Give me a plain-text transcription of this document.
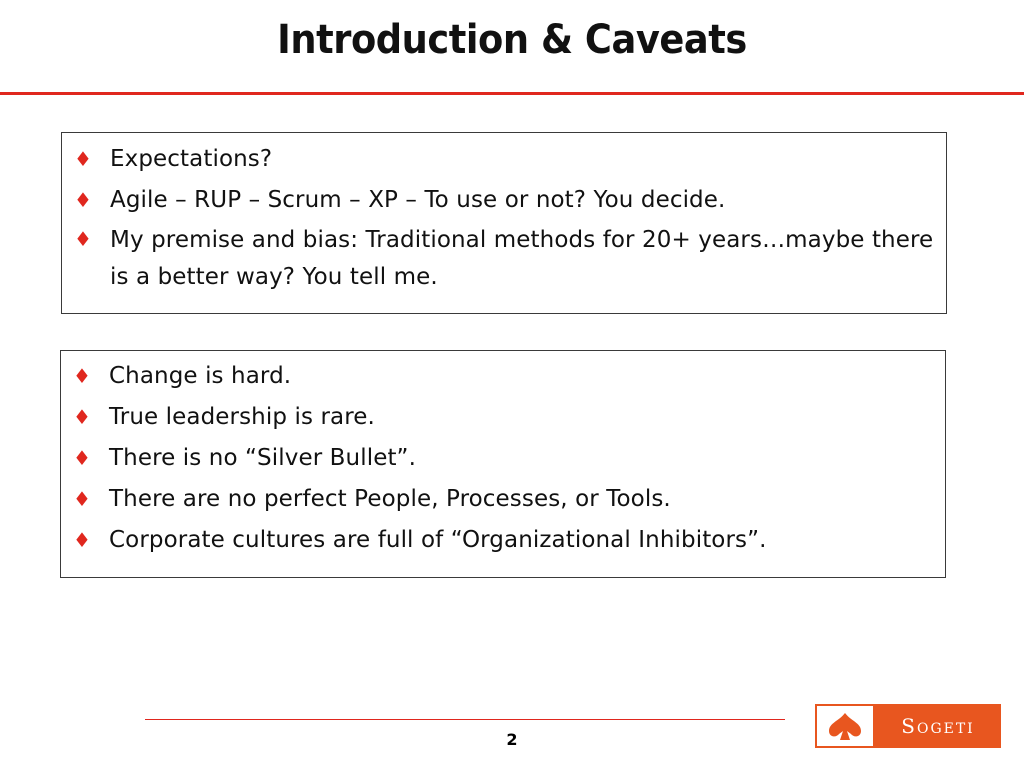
Introduction & Caveats
♦ Expectations?
♦ Agile – RUP – Scrum – XP – To use or not? You decide.
♦ My premise and bias: Traditional methods for 20+ years…maybe there is a better way? You tell me.
♦ Change is hard.
♦ True leadership is rare.
♦ There is no “Silver Bullet”.
♦ There are no perfect People, Processes, or Tools.
♦ Corporate cultures are full of “Organizational Inhibitors”.
2
Sogeti
